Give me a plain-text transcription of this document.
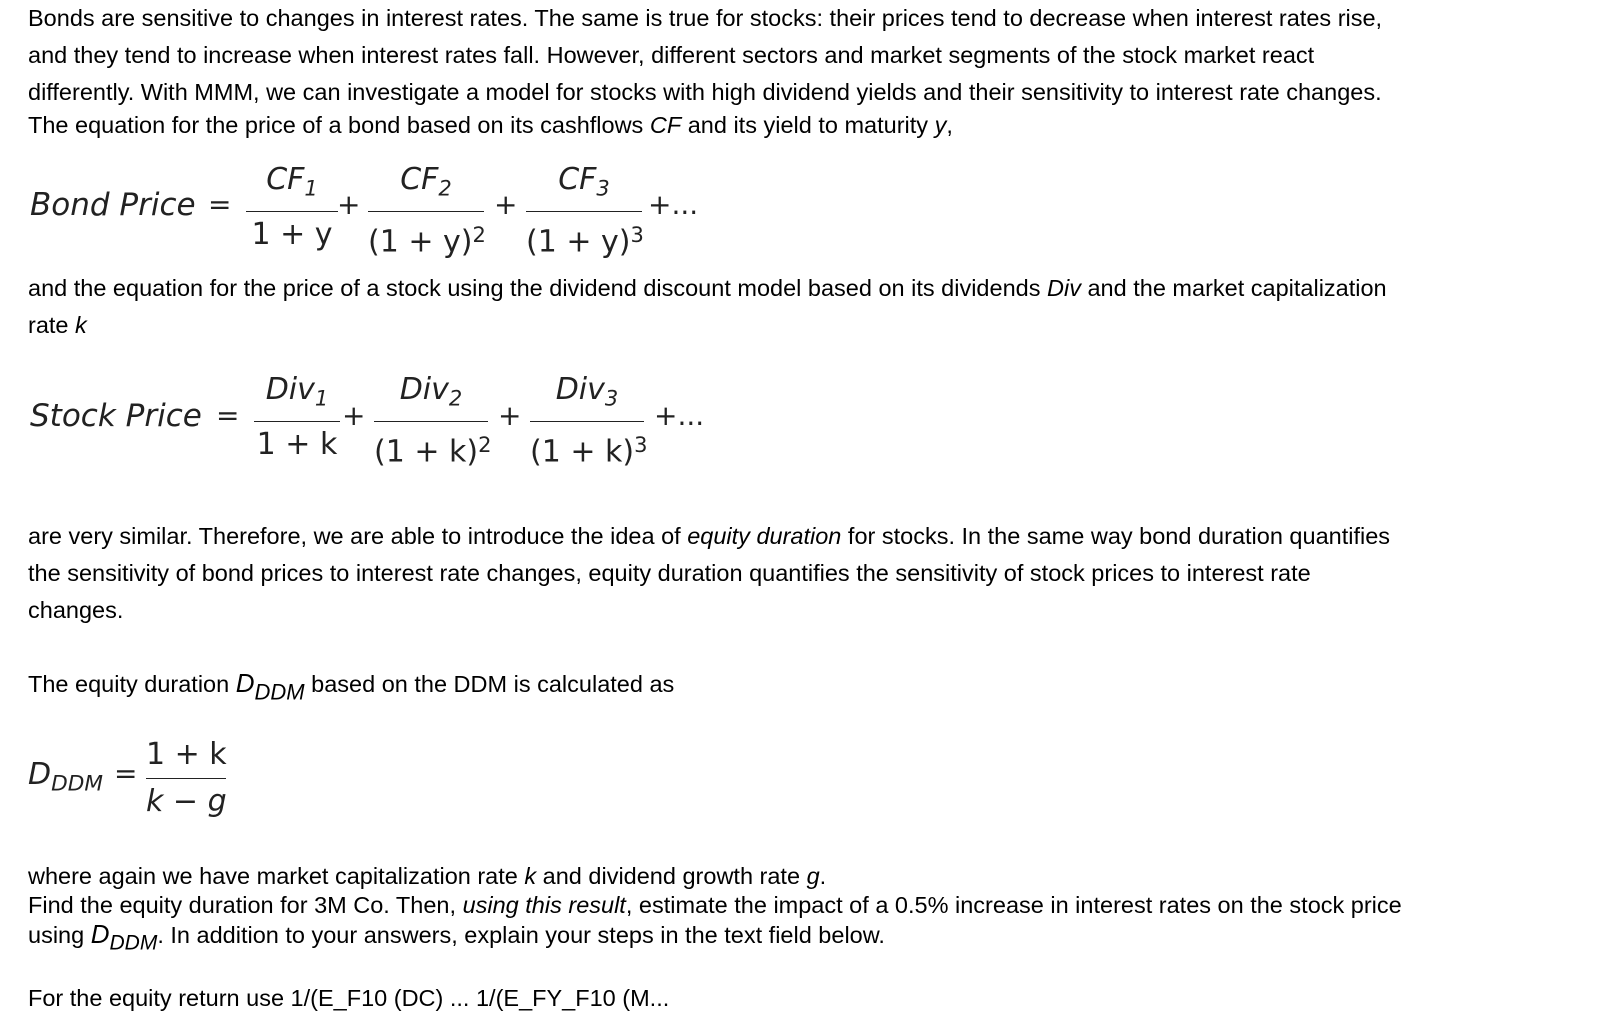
Bonds are sensitive to changes in interest rates. The same is true for stocks: their prices tend to decrease when interest rates rise,
and they tend to increase when interest rates fall. However, different sectors and market segments of the stock market react
differently. With MMM, we can investigate a model for stocks with high dividend yields and their sensitivity to interest rate changes.
The equation for the price of a bond based on its cashflows CF and its yield to maturity y,
Bond Price =
$CF_1$
1 + y
+
$CF_2$
$(1 + y)^2$
+
$CF_3$
$(1 + y)^3$
+...
and the equation for the price of a stock using the dividend discount model based on its dividends Div and the market capitalization
rate k
Stock Price =
Div$_1$
1 + k
+
Div$_2$
$(1 + k)^2$
+
Div$_3$
$(1 + k)^3$
+...
are very similar. Therefore, we are able to introduce the idea of equity duration for stocks. In the same way bond duration quantifies
the sensitivity of bond prices to interest rate changes, equity duration quantifies the sensitivity of stock prices to interest rate
changes.
The equity duration $D_{DDM}$ based on the DDM is calculated as
$D_{DDM}$ =
1 + k
k − g
where again we have market capitalization rate k and dividend growth rate g.
Find the equity duration for 3M Co. Then, using this result, estimate the impact of a 0.5% increase in interest rates on the stock price
using $D_{DDM}$. In addition to your answers, explain your steps in the text field below.
For the equity return use 1/(E_F10 (DC) ... 1/(E_FY_F10 (M...
